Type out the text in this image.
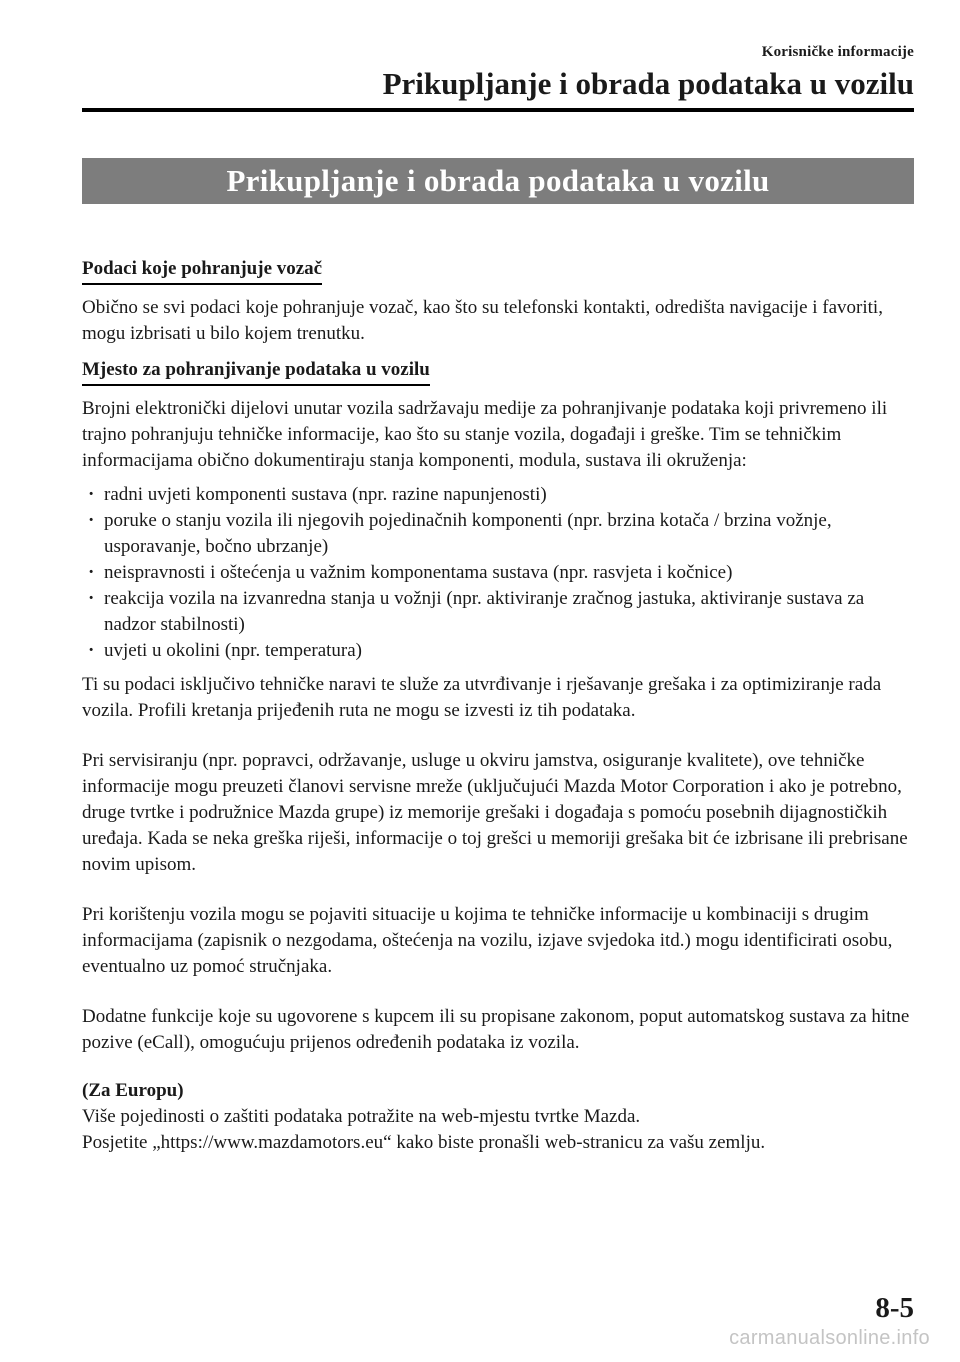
Korisničke informacije
Prikupljanje i obrada podataka u vozilu
Prikupljanje i obrada podataka u vozilu
Podaci koje pohranjuje vozač

Obično se svi podaci koje pohranjuje vozač, kao što su telefonski kontakti, odredišta navigacije i favoriti, mogu izbrisati u bilo kojem trenutku.

Mjesto za pohranjivanje podataka u vozilu

Brojni elektronički dijelovi unutar vozila sadržavaju medije za pohranjivanje podataka koji privremeno ili trajno pohranjuju tehničke informacije, kao što su stanje vozila, događaji i greške. Tim se tehničkim informacijama obično dokumentiraju stanja komponenti, modula, sustava ili okruženja:

· radni uvjeti komponenti sustava (npr. razine napunjenosti)
· poruke o stanju vozila ili njegovih pojedinačnih komponenti (npr. brzina kotača / brzina vožnje, usporavanje, bočno ubrzanje)
· neispravnosti i oštećenja u važnim komponentama sustava (npr. rasvjeta i kočnice)
· reakcija vozila na izvanredna stanja u vožnji (npr. aktiviranje zračnog jastuka, aktiviranje sustava za nadzor stabilnosti)
· uvjeti u okolini (npr. temperatura)

Ti su podaci isključivo tehničke naravi te služe za utvrđivanje i rješavanje grešaka i za optimiziranje rada vozila. Profili kretanja prijeđenih ruta ne mogu se izvesti iz tih podataka.

Pri servisiranju (npr. popravci, održavanje, usluge u okviru jamstva, osiguranje kvalitete), ove tehničke informacije mogu preuzeti članovi servisne mreže (uključujući Mazda Motor Corporation i ako je potrebno, druge tvrtke i podružnice Mazda grupe) iz memorije grešaki i događaja s pomoću posebnih dijagnostičkih uređaja. Kada se neka greška riješi, informacije o toj grešci u memoriji grešaka bit će izbrisane ili prebrisane novim upisom.

Pri korištenju vozila mogu se pojaviti situacije u kojima te tehničke informacije u kombinaciji s drugim informacijama (zapisnik o nezgodama, oštećenja na vozilu, izjave svjedoka itd.) mogu identificirati osobu, eventualno uz pomoć stručnjaka.

Dodatne funkcije koje su ugovorene s kupcem ili su propisane zakonom, poput automatskog sustava za hitne pozive (eCall), omogućuju prijenos određenih podataka iz vozila.

(Za Europu)
Više pojedinosti o zaštiti podataka potražite na web-mjestu tvrtke Mazda.
Posjetite „https://www.mazdamotors.eu“ kako biste pronašli web-stranicu za vašu zemlju.
8-5
carmanualsonline.info
